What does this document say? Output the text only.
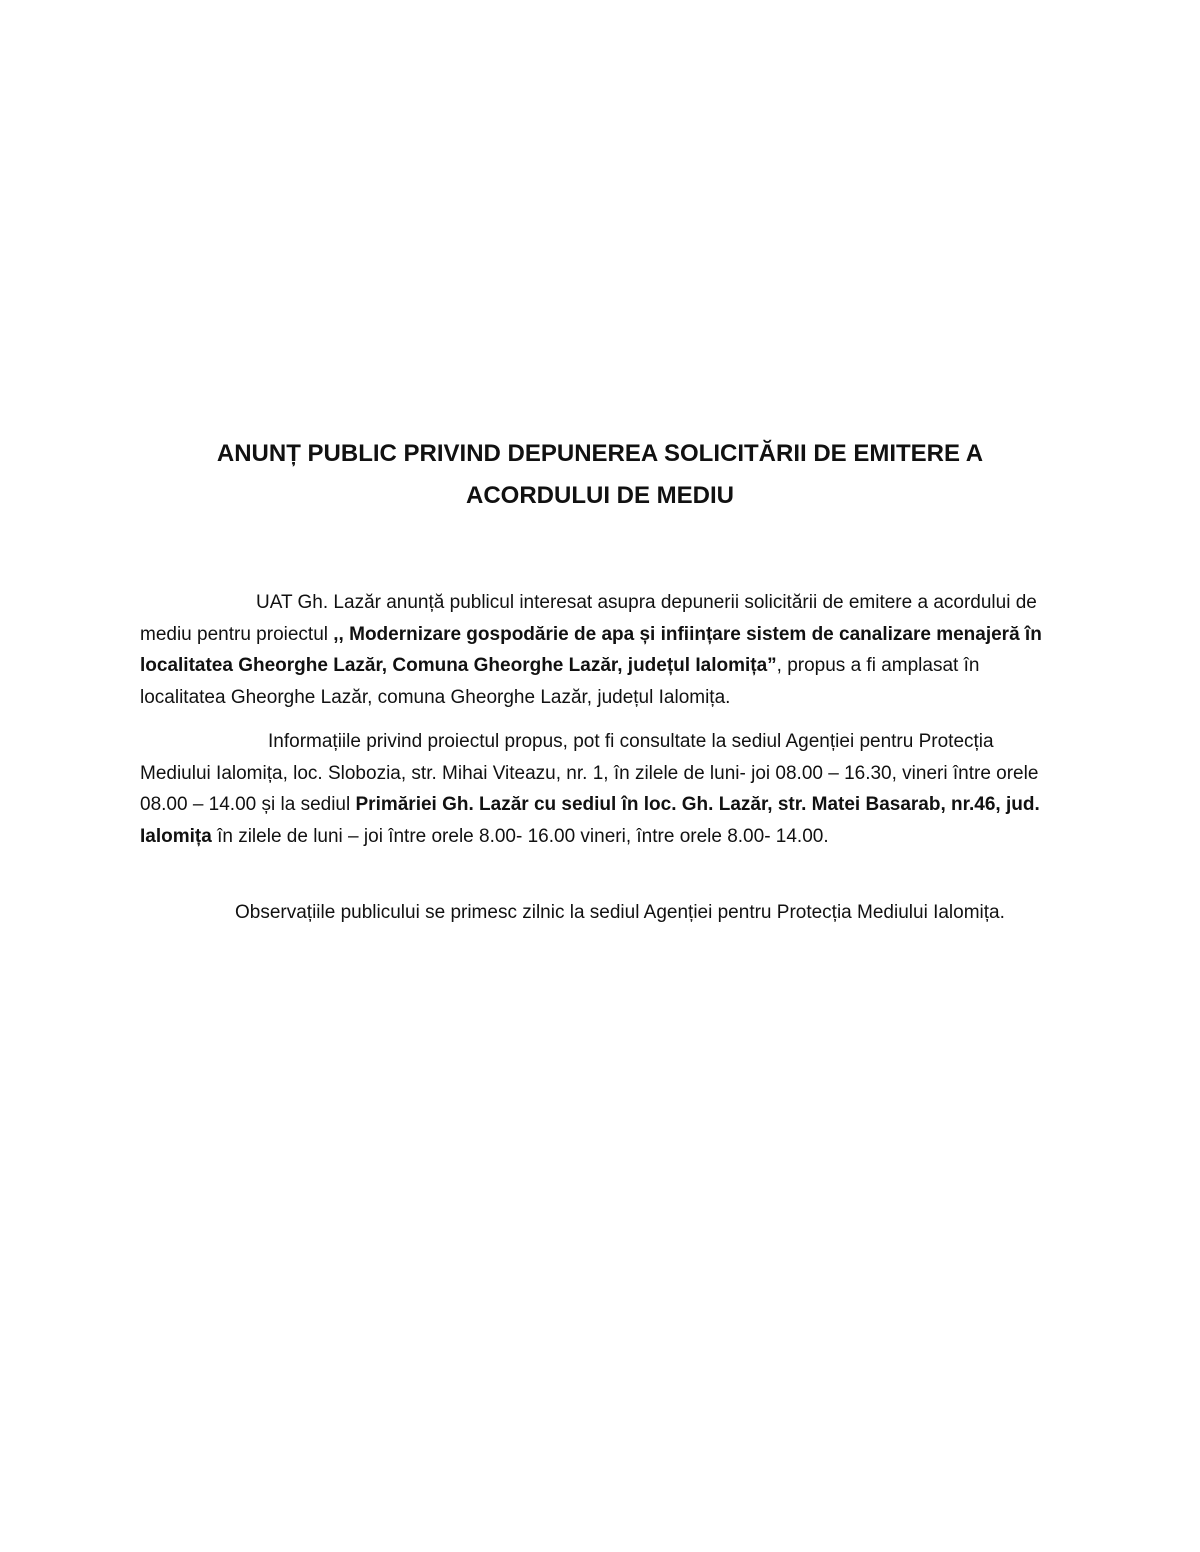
ANUNȚ PUBLIC PRIVIND DEPUNEREA SOLICITĂRII DE EMITERE A
ACORDULUI DE MEDIU

UAT Gh. Lazăr anunță publicul interesat asupra depunerii solicitării de emitere a acordului de mediu pentru proiectul ,, Modernizare gospodărie de apa și inființare sistem de canalizare menajeră în localitatea Gheorghe Lazăr, Comuna Gheorghe Lazăr, județul Ialomița”, propus a fi amplasat în localitatea Gheorghe Lazăr, comuna Gheorghe Lazăr, județul Ialomița.

Informațiile privind proiectul propus, pot fi consultate la sediul Agenției pentru Protecția Mediului Ialomița, loc. Slobozia, str. Mihai Viteazu, nr. 1, în zilele de luni- joi 08.00 – 16.30, vineri între orele 08.00 – 14.00 și la sediul Primăriei Gh. Lazăr cu sediul în loc. Gh. Lazăr, str. Matei Basarab, nr.46, jud. Ialomița în zilele de luni – joi între orele 8.00- 16.00 vineri, între orele 8.00- 14.00.

Observațiile publicului se primesc zilnic la sediul Agenției pentru Protecția Mediului Ialomița.
